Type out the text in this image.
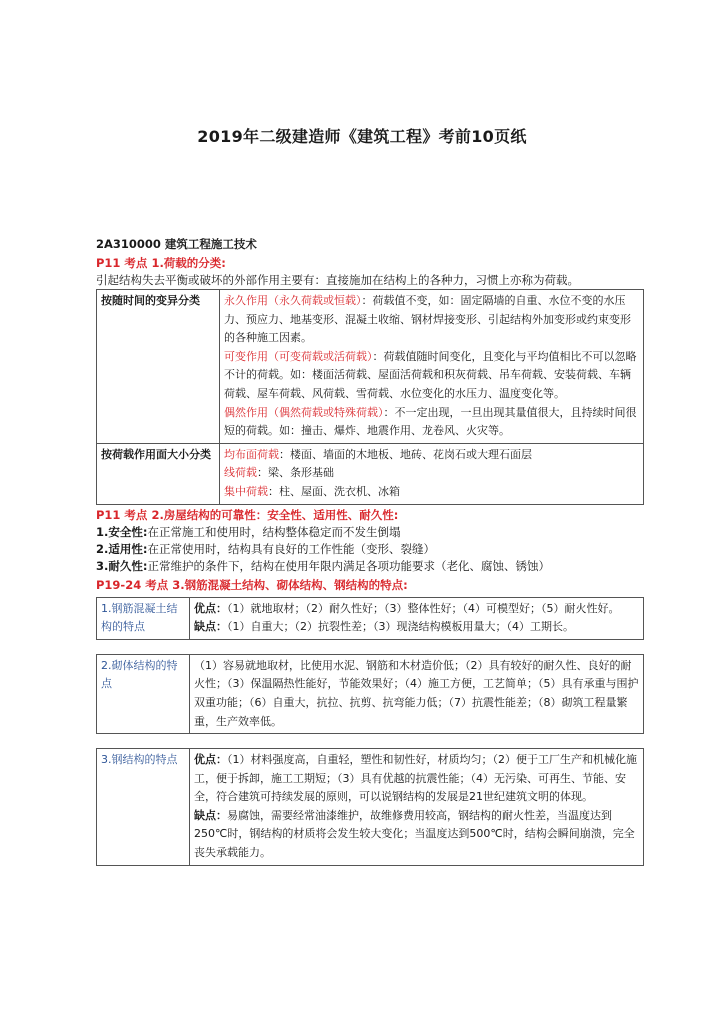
2019年二级建造师《建筑工程》考前10页纸
2A310000 建筑工程施工技术
P11 考点 1.荷载的分类:

引起结构失去平衡或破坏的外部作用主要有：直接施加在结构上的各种力，习惯上亦称为荷载。

按随时间的变异分类	永久作用（永久荷载或恒载）：荷载值不变，如：固定隔墙的自重、水位不变的水压力、预应力、地基变形、混凝土收缩、钢材焊接变形、引起结构外加变形或约束变形的各种施工因素。
可变作用（可变荷载或活荷载）：荷载值随时间变化，且变化与平均值相比不可以忽略不计的荷载。如：楼面活荷载、屋面活荷载和积灰荷载、吊车荷载、安装荷载、车辆荷载、屋车荷载、风荷载、雪荷载、水位变化的水压力、温度变化等。
偶然作用（偶然荷载或特殊荷载）：不一定出现，一旦出现其量值很大，且持续时间很短的荷载。如：撞击、爆炸、地震作用、龙卷风、火灾等。

按荷载作用面大小分类	均布面荷载：楼面、墙面的木地板、地砖、花岗石或大理石面层
线荷载：梁、条形基础
集中荷载：柱、屋面、洗衣机、冰箱
P11 考点 2.房屋结构的可靠性：安全性、适用性、耐久性:
1.安全性:在正常施工和使用时，结构整体稳定而不发生倒塌
2.适用性:在正常使用时，结构具有良好的工作性能（变形、裂缝）
3.耐久性:正常维护的条件下，结构在使用年限内满足各项功能要求（老化、腐蚀、锈蚀）
P19-24 考点 3.钢筋混凝土结构、砌体结构、钢结构的特点:
1.钢筋混凝土结构的特点	优点：（1）就地取材；（2）耐久性好；（3）整体性好；（4）可模型好；（5）耐火性好。
缺点：（1）自重大；（2）抗裂性差；（3）现浇结构模板用量大；（4）工期长。

2.砌体结构的特点	（1）容易就地取材，比使用水泥、钢筋和木材造价低；（2）具有较好的耐久性、良好的耐火性；（3）保温隔热性能好，节能效果好；（4）施工方便，工艺简单；（5）具有承重与围护双重功能；（6）自重大，抗拉、抗剪、抗弯能力低；（7）抗震性能差；（8）砌筑工程量繁重，生产效率低。

3.钢结构的特点	优点：（1）材料强度高，自重轻，塑性和韧性好，材质均匀；（2）便于工厂生产和机械化施工，便于拆卸，施工工期短；（3）具有优越的抗震性能；（4）无污染、可再生、节能、安全，符合建筑可持续发展的原则，可以说钢结构的发展是21世纪建筑文明的体现。
缺点：易腐蚀，需要经常油漆维护，故维修费用较高，钢结构的耐火性差，当温度达到250℃时，钢结构的材质将会发生较大变化；当温度达到500℃时，结构会瞬间崩溃，完全丧失承载能力。
